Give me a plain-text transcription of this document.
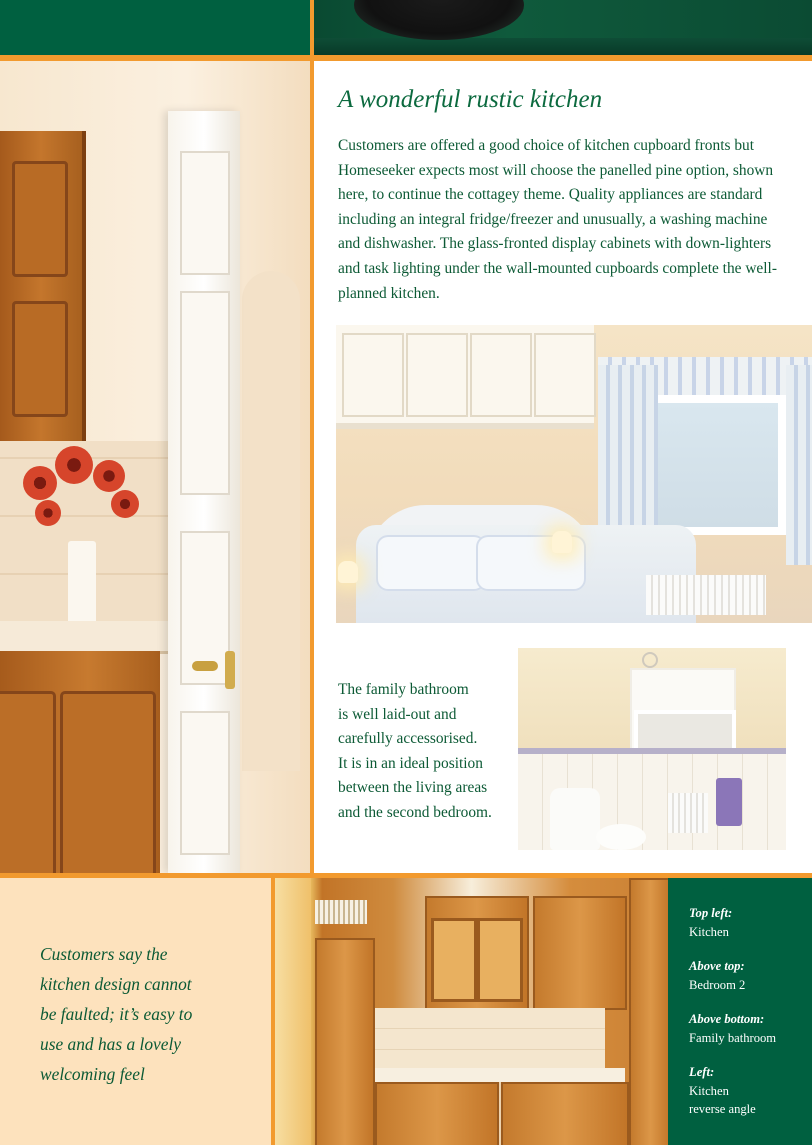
A wonderful rustic kitchen

Customers are offered a good choice of kitchen cupboard fronts but Homeseeker expects most will choose the panelled pine option, shown here, to continue the cottagey theme. Quality appliances are standard including an integral fridge/freezer and unusually, a washing machine and dishwasher. The glass-fronted display cabinets with down-lighters and task lighting under the wall-mounted cupboards complete the well-planned kitchen.

The family bathroom
is well laid-out and
carefully accessorised.
It is in an ideal position
between the living areas
and the second bedroom.
Customers say the
kitchen design cannot
be faulted; it’s easy to
use and has a lovely
welcoming feel
Top left:
Kitchen
Above top:
Bedroom 2
Above bottom:
Family bathroom
Left:
Kitchen
reverse angle
